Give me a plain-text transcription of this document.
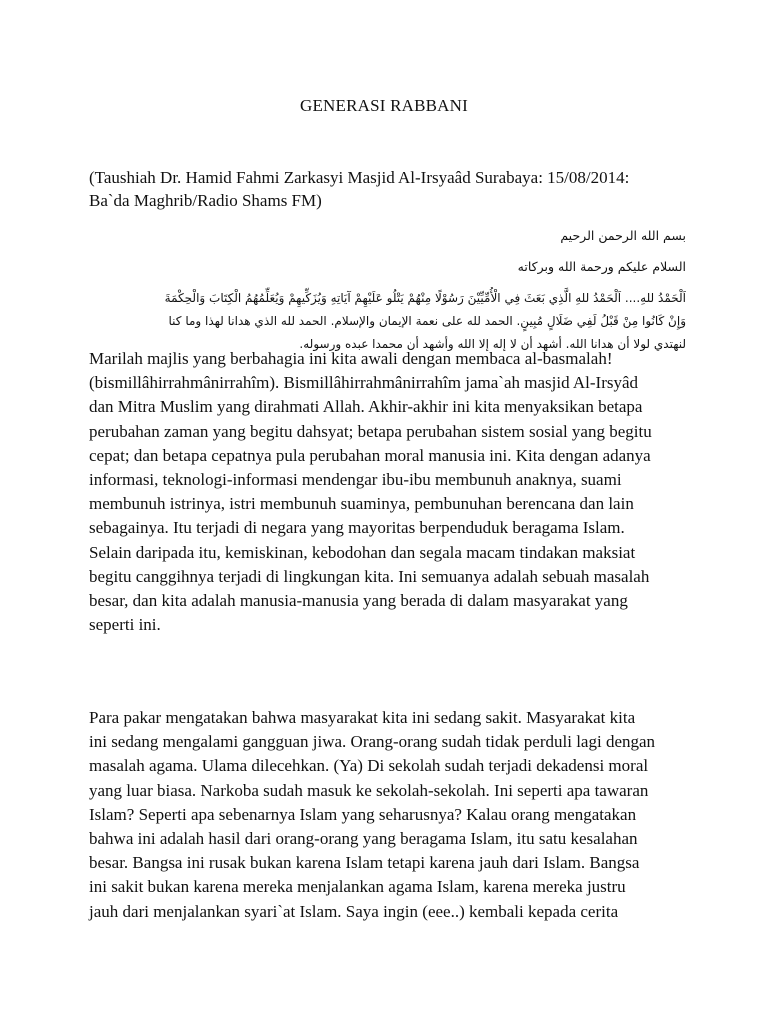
GENERASI RABBANI
(Taushiah Dr. Hamid Fahmi Zarkasyi Masjid Al-Irsyaâd Surabaya: 15/08/2014:
Ba`da Maghrib/Radio Shams FM)
بسم الله الرحمن الرحيم
السلام عليكم ورحمة الله وبركاته
اَلْحَمْدُ للهِ.... اَلْحَمْدُ للهِ الَّذِي بَعَثَ فِي الْأُمِّيِّيْنَ رَسُوْلًا مِنْهُمْ يَتْلُو عَلَيْهِمْ آيَاتِهِ وَيُزَكِّيهِمْ وَيُعَلِّمُهُمُ الْكِتَابَ وَالْحِكْمَةَ
وَإِنْ كَانُوا مِنْ قَبْلُ لَفِي ضَلَالٍ مُبِينٍ. الحمد لله على نعمة الإيمان والإسلام. الحمد لله الذي هدانا لهذا وما كنا
لنهتدي لولا أن هدانا الله. أشهد أن لا إله إلا الله وأشهد أن محمدا عبده ورسوله.
Marilah majlis yang berbahagia ini kita awali dengan membaca al-basmalah!
(bismillâhirrahmânirrahîm). Bismillâhirrahmânirrahîm jama`ah masjid Al-Irsyâd
dan Mitra Muslim yang dirahmati Allah. Akhir-akhir ini kita menyaksikan betapa
perubahan zaman yang begitu dahsyat; betapa perubahan sistem sosial yang begitu
cepat; dan betapa cepatnya pula perubahan moral manusia ini. Kita dengan adanya
informasi, teknologi-informasi mendengar ibu-ibu membunuh anaknya, suami
membunuh istrinya, istri membunuh suaminya, pembunuhan berencana dan lain
sebagainya. Itu terjadi di negara yang mayoritas berpenduduk beragama Islam.
Selain daripada itu, kemiskinan, kebodohan dan segala macam tindakan maksiat
begitu canggihnya terjadi di lingkungan kita. Ini semuanya adalah sebuah masalah
besar, dan kita adalah manusia-manusia yang berada di dalam masyarakat yang
seperti ini.
Para pakar mengatakan bahwa masyarakat kita ini sedang sakit. Masyarakat kita
ini sedang mengalami gangguan jiwa. Orang-orang sudah tidak perduli lagi dengan
masalah agama. Ulama dilecehkan. (Ya) Di sekolah sudah terjadi dekadensi moral
yang luar biasa. Narkoba sudah masuk ke sekolah-sekolah. Ini seperti apa tawaran
Islam? Seperti apa sebenarnya Islam yang seharusnya? Kalau orang mengatakan
bahwa ini adalah hasil dari orang-orang yang beragama Islam, itu satu kesalahan
besar. Bangsa ini rusak bukan karena Islam tetapi karena jauh dari Islam. Bangsa
ini sakit bukan karena mereka menjalankan agama Islam, karena mereka justru
jauh dari menjalankan syari`at Islam. Saya ingin (eee..) kembali kepada cerita
